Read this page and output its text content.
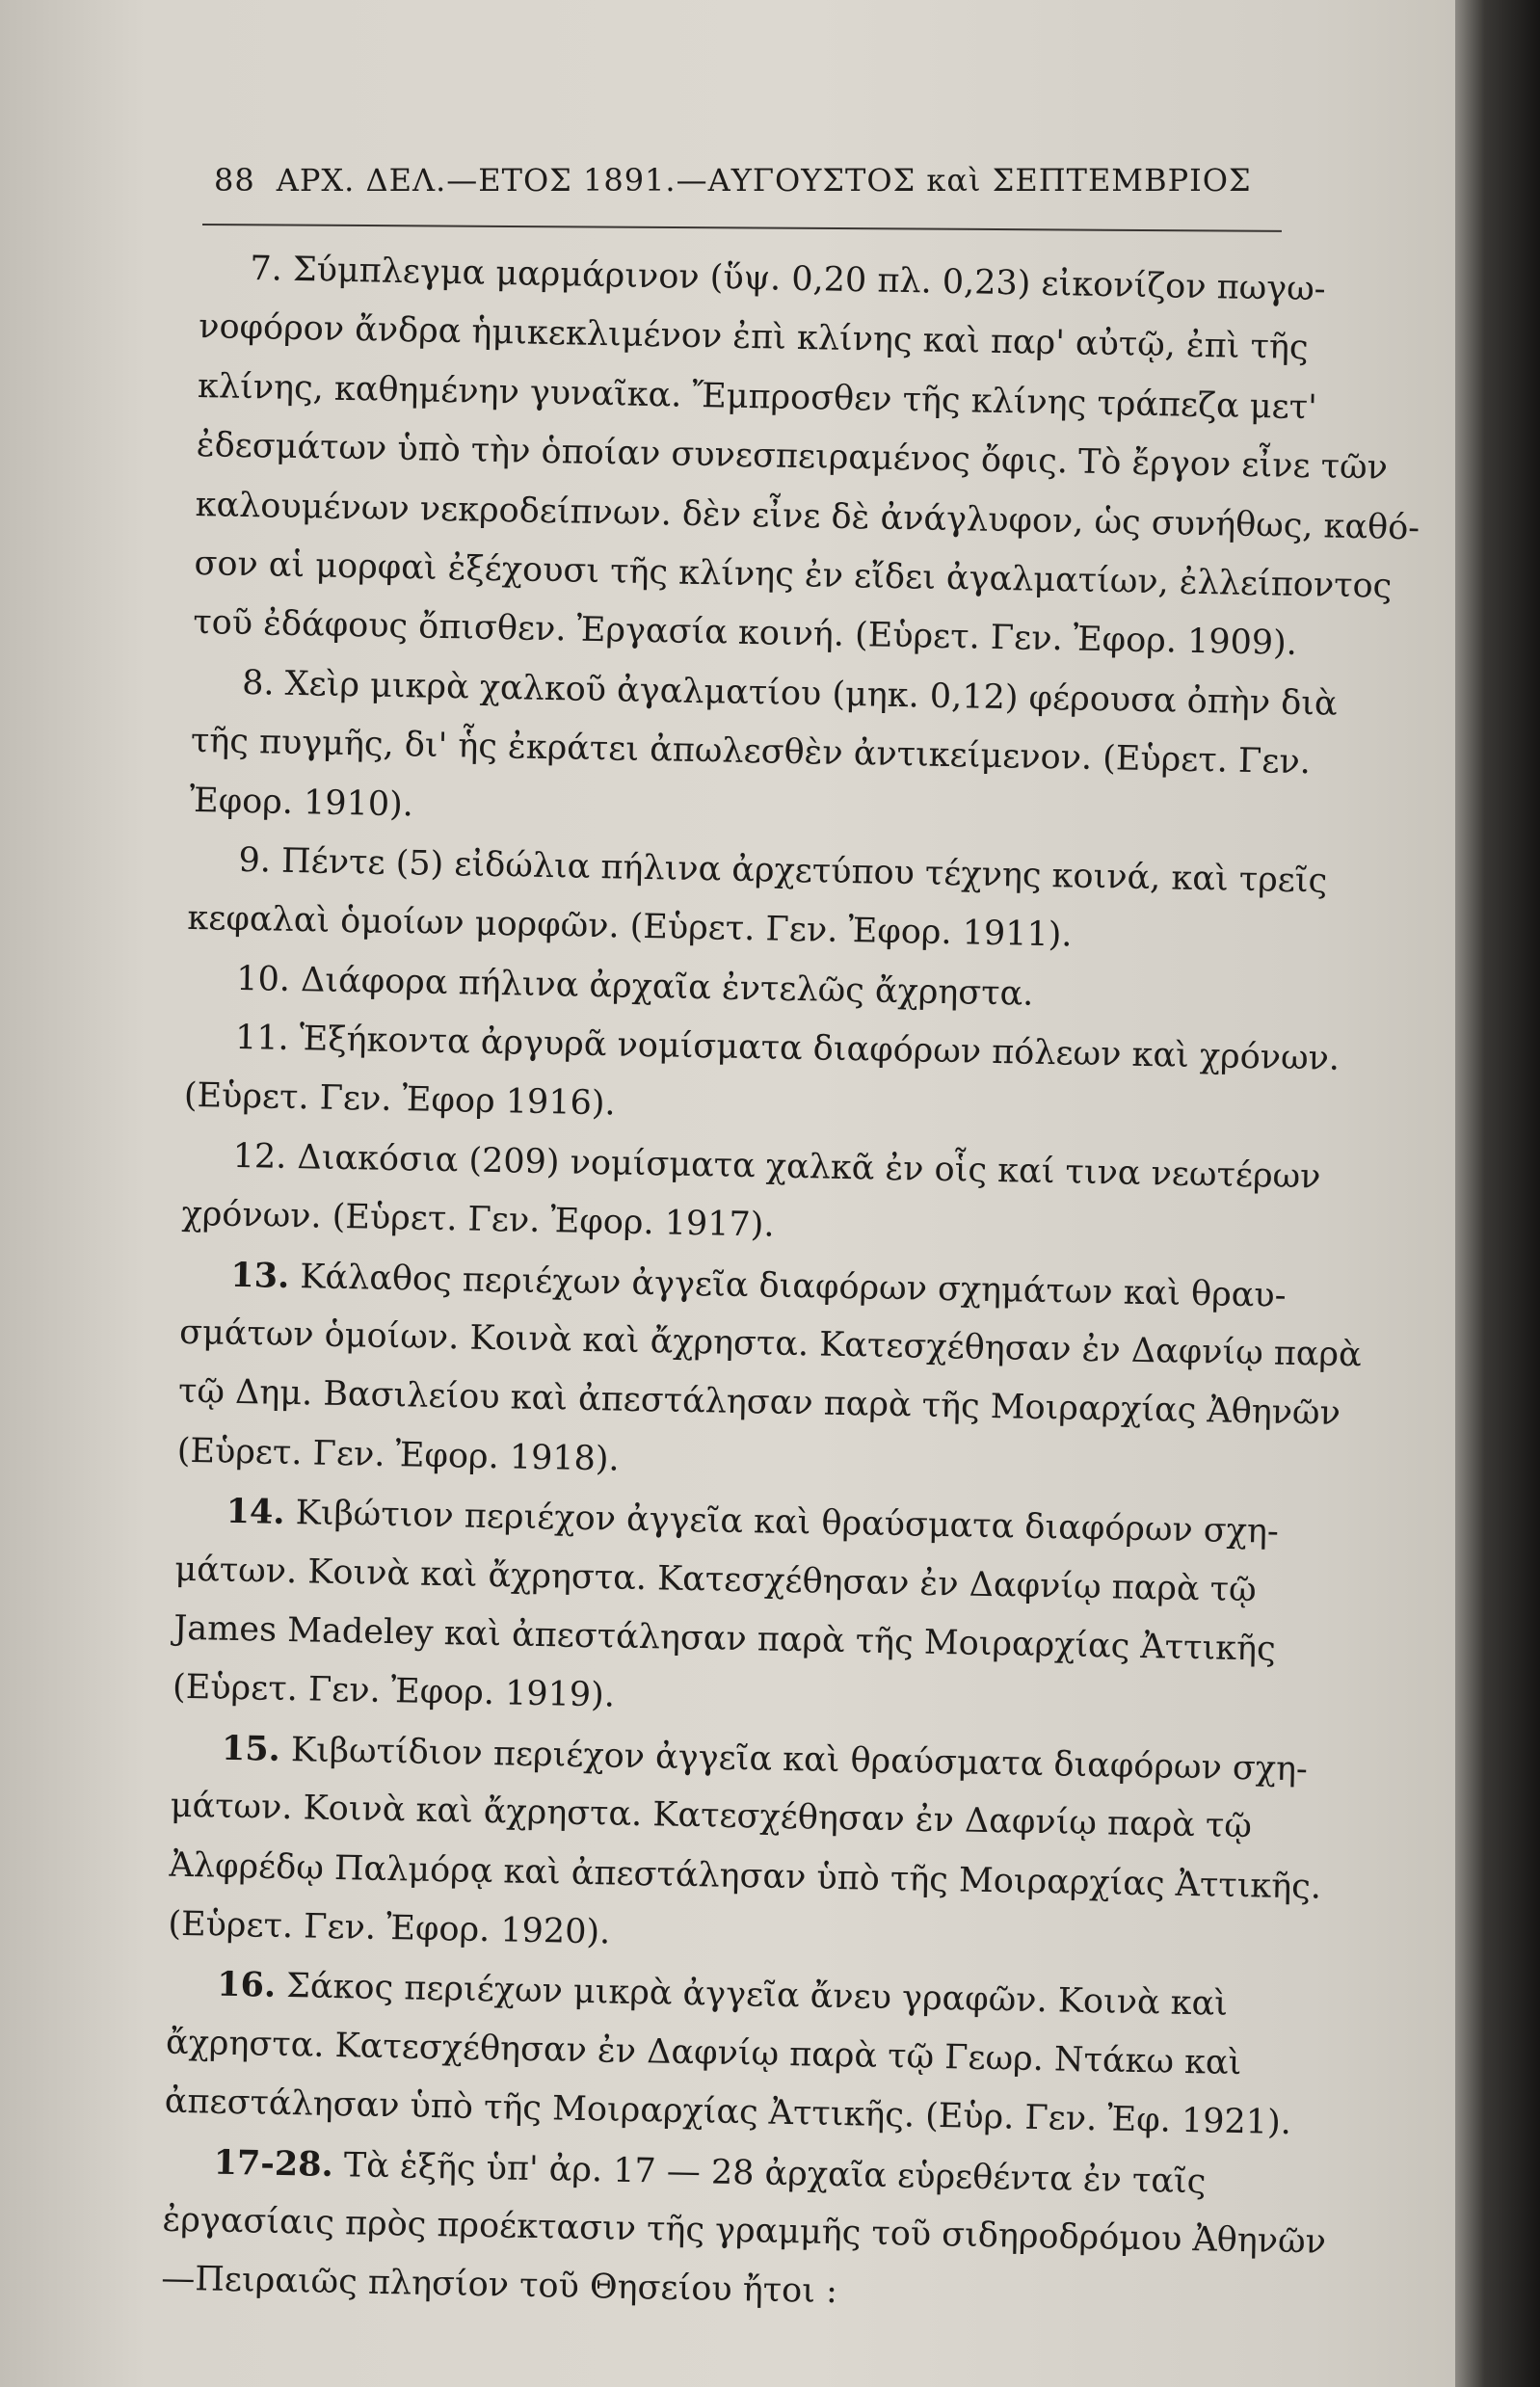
88 ΑΡΧ. ΔΕΛ.—ΕΤΟΣ 1891.—ΑΥΓΟΥΣΤΟΣ καὶ ΣΕΠΤΕΜΒΡΙΟΣ
7. Σύμπλεγμα μαρμάρινον (ὕψ. 0,20 πλ. 0,23) εἰκονίζον πωγω-
νοφόρον ἄνδρα ἡμικεκλιμένον ἐπὶ κλίνης καὶ παρ' αὐτῷ, ἐπὶ τῆς
κλίνης, καθημένην γυναῖκα. Ἔμπροσθεν τῆς κλίνης τράπεζα μετ'
ἐδεσμάτων ὑπὸ τὴν ὁποίαν συνεσπειραμένος ὄφις. Τὸ ἔργον εἶνε τῶν
καλουμένων νεκροδείπνων. δὲν εἶνε δὲ ἀνάγλυφον, ὡς συνήθως, καθό-
σον αἱ μορφαὶ ἐξέχουσι τῆς κλίνης ἐν εἴδει ἀγαλματίων, ἐλλείποντος
τοῦ ἐδάφους ὄπισθεν. Ἐργασία κοινή. (Εὑρετ. Γεν. Ἐφορ. 1909).
8. Χεὶρ μικρὰ χαλκοῦ ἀγαλματίου (μηκ. 0,12) φέρουσα ὀπὴν διὰ
τῆς πυγμῆς, δι' ἧς ἐκράτει ἀπωλεσθὲν ἀντικείμενον. (Εὑρετ. Γεν.
Ἐφορ. 1910).
9. Πέντε (5) εἰδώλια πήλινα ἀρχετύπου τέχνης κοινά, καὶ τρεῖς
κεφαλαὶ ὁμοίων μορφῶν. (Εὑρετ. Γεν. Ἐφορ. 1911).
10. Διάφορα πήλινα ἀρχαῖα ἐντελῶς ἄχρηστα.
11. Ἑξήκοντα ἀργυρᾶ νομίσματα διαφόρων πόλεων καὶ χρόνων.
(Εὑρετ. Γεν. Ἐφορ 1916).
12. Διακόσια (209) νομίσματα χαλκᾶ ἐν οἷς καί τινα νεωτέρων
χρόνων. (Εὑρετ. Γεν. Ἐφορ. 1917).
13. Κάλαθος περιέχων ἀγγεῖα διαφόρων σχημάτων καὶ θραυ-
σμάτων ὁμοίων. Κοινὰ καὶ ἄχρηστα. Κατεσχέθησαν ἐν Δαφνίῳ παρὰ
τῷ Δημ. Βασιλείου καὶ ἀπεστάλησαν παρὰ τῆς Μοιραρχίας Ἀθηνῶν
(Εὑρετ. Γεν. Ἐφορ. 1918).
14. Κιβώτιον περιέχον ἀγγεῖα καὶ θραύσματα διαφόρων σχη-
μάτων. Κοινὰ καὶ ἄχρηστα. Κατεσχέθησαν ἐν Δαφνίῳ παρὰ τῷ
James Madeley καὶ ἀπεστάλησαν παρὰ τῆς Μοιραρχίας Ἀττικῆς
(Εὑρετ. Γεν. Ἐφορ. 1919).
15. Κιβωτίδιον περιέχον ἀγγεῖα καὶ θραύσματα διαφόρων σχη-
μάτων. Κοινὰ καὶ ἄχρηστα. Κατεσχέθησαν ἐν Δαφνίῳ παρὰ τῷ
Ἀλφρέδῳ Παλμόρᾳ καὶ ἀπεστάλησαν ὑπὸ τῆς Μοιραρχίας Ἀττικῆς.
(Εὑρετ. Γεν. Ἐφορ. 1920).
16. Σάκος περιέχων μικρὰ ἀγγεῖα ἄνευ γραφῶν. Κοινὰ καὶ
ἄχρηστα. Κατεσχέθησαν ἐν Δαφνίῳ παρὰ τῷ Γεωρ. Ντάκω καὶ
ἀπεστάλησαν ὑπὸ τῆς Μοιραρχίας Ἀττικῆς. (Εὑρ. Γεν. Ἐφ. 1921).
17-28. Τὰ ἑξῆς ὑπ' ἀρ. 17 — 28 ἀρχαῖα εὑρεθέντα ἐν ταῖς
ἐργασίαις πρὸς προέκτασιν τῆς γραμμῆς τοῦ σιδηροδρόμου Ἀθηνῶν
—Πειραιῶς πλησίον τοῦ Θησείου ἤτοι :
